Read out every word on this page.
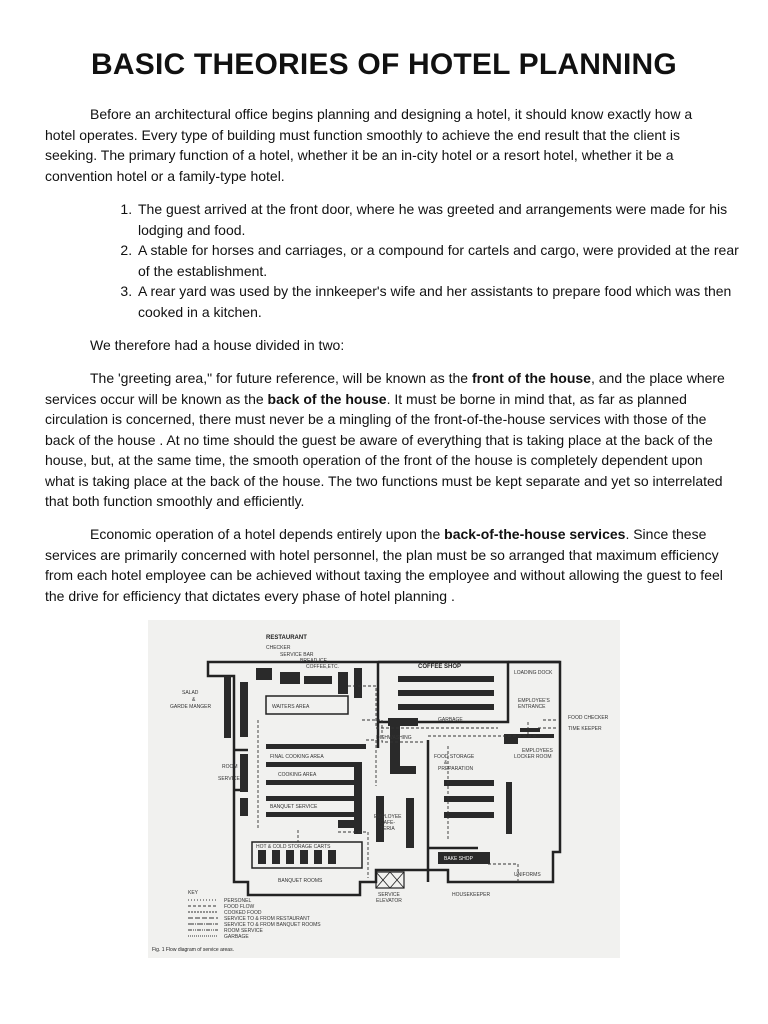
BASIC THEORIES OF HOTEL PLANNING

Before an architectural office begins planning and designing a hotel, it should know exactly how a hotel operates. Every type of building must function smoothly to achieve the end result that the client is seeking. The primary function of a hotel, whether it be an in-city hotel or a resort hotel, whether it be a convention hotel or a family-type hotel.

1. The guest arrived at the front door, where he was greeted and arrangements were made for his lodging and food.
2. A stable for horses and carriages, or a compound for cartels and cargo, were provided at the rear of the establishment.
3. A rear yard was used by the innkeeper's wife and her assistants to prepare food which was then cooked in a kitchen.

We therefore had a house divided in two:

The 'greeting area," for future reference, will be known as the front of the house, and the place where services occur will be known as the back of the house. It must be borne in mind that, as far as planned circulation is concerned, there must never be a mingling of the front-of-the-house services with those of the back of the house . At no time should the guest be aware of everything that is taking place at the back of the house, but, at the same time, the smooth operation of the front of the house is completely dependent upon what is taking place at the back of the house. The two functions must be kept separate and yet so interrelated that both function smoothly and efficiently.

Economic operation of a hotel depends entirely upon the back-of-the-house services. Since these services are primarily concerned with hotel personnel, the plan must be so arranged that maximum efficiency from each hotel employee can be achieved without taxing the employee and without allowing the guest to feel the drive for efficiency that dictates every phase of hotel planning .

RESTAURANT
CHECKER
SERVICE BAR
BREAD,ICE
COFFEE,ETC.	COFFEE SHOP
LOADING DOCK
SALAD
&
GARDE MANGER	WAITERS AREA
GARBAGE
EMPLOYEE'S
ENTRANCE
FOOD CHECKER
TIME KEEPER
DISHWASHING
EMPLOYEES
LOCKER ROOM
ROOM
SERVICE
FINAL COOKING AREA	FOOD STORAGE
&
PREPARATION
COOKING AREA
BANQUET SERVICE
EMPLOYEE
CAFE-
TERIA
HOT & COLD STORAGE CARTS
BAKE SHOP
BANQUET ROOMS
UNIFORMS
HOUSEKEEPER
SERVICE
ELEVATOR
KEY
PERSONEL
FOOD FLOW
COOKED FOOD
SERVICE TO & FROM RESTAURANT
SERVICE TO & FROM BANQUET ROOMS
ROOM SERVICE
GARBAGE
Fig. 1 Flow diagram of service areas.
